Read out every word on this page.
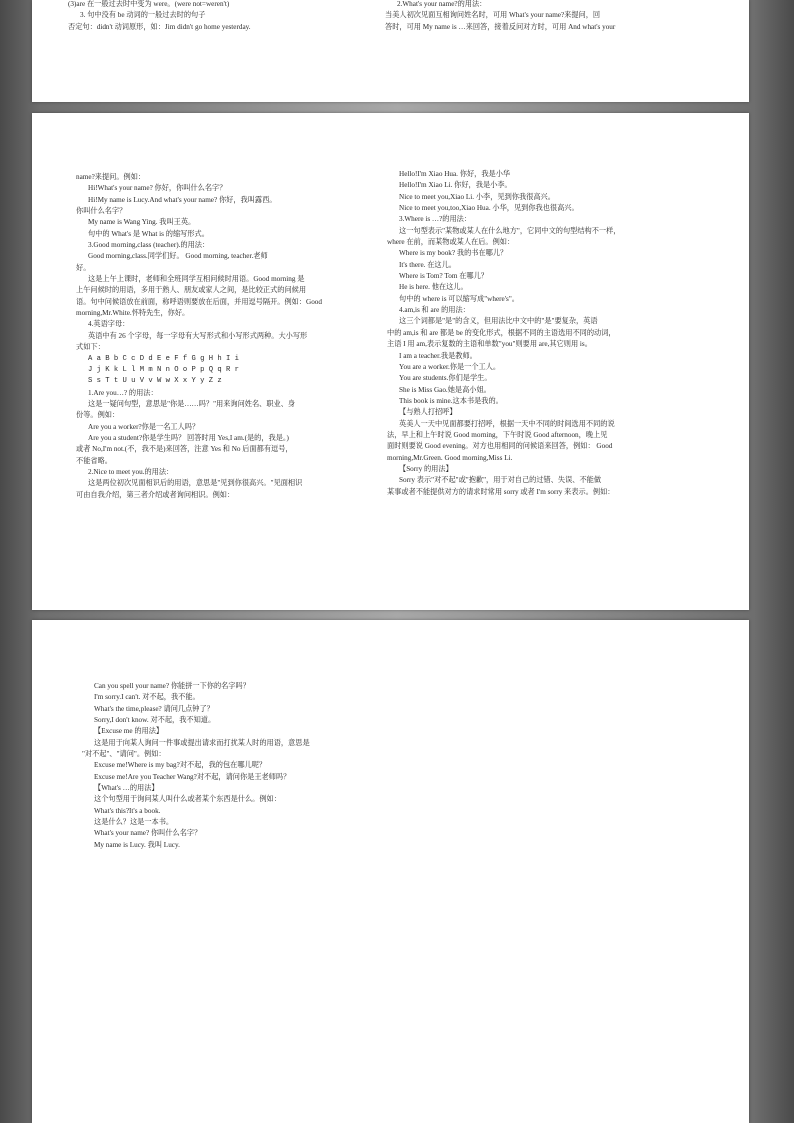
(3)are 在一般过去时中变为 were。(were not=weren't)
3. 句中没有 be 动词的一般过去时的句子
否定句：didn't 动词原形，如：Jim didn't go home yesterday.
2.What's your name?的用法：
当美人初次见面互相询问姓名时，可用 What's your name?来提问，回
答时，可用 My name is …来回答，接着反问对方时，可用 And what's your
name?来提问。例如：
Hi!What's your name? 你好，你叫什么名字？
Hi!My name is Lucy.And what's your name? 你好，我叫露西。
你叫什么名字？
My name is Wang Ying. 我叫王英。
句中的 What's 是 What is 的缩写形式。
3.Good morning,class (teacher).的用法：
Good morning,class.同学们好。 Good morning, teacher.老师
好。
这是上午上课时，老师和全班同学互相问候时用语。Good morning 是
上午问候时的用语，多用于熟人、朋友或家人之间，是比较正式的问候用
语。句中问候语放在前面，称呼语则要放在后面，并用逗号隔开。例如：Good
morning,Mr.White.怀特先生，你好。
4.英语字母：
英语中有 26 个字母，每一字母有大写形式和小写形式两种。大小写形
式如下：
A a B b C c D d E e F f G g H h I i
J j K k L l M m N n O o P p Q q R r
S s T t U u V v W w X x Y y Z z
1.Are you…? 的用法：
这是一疑问句型，意思是"你是……吗？"用来询问姓名、职业、身
份等。例如：
Are you a worker?你是一名工人吗？
Are you a student?你是学生吗？ 回答时用 Yes,I am.(是的，我是。)
或者 No,I'm not.(不，我不是)来回答，注意 Yes 和 No 后面都有逗号，
不能省略。
2.Nice to meet you.的用法：
这是两位初次见面相识后的用语，意思是"见到你很高兴。"见面相识
可由自我介绍，第三者介绍或者询问相识。例如：
Hello!I'm Xiao Hua. 你好，我是小华
Hello!I'm Xiao Li. 你好，我是小李。
Nice to meet you,Xiao Li. 小李，见到你我很高兴。
Nice to meet you,too,Xiao Hua. 小华，见到你我也很高兴。
3.Where is …?的用法：
这一句型表示"某物或某人在什么地方"，它同中文的句型结构不一样，
where 在前，而某物或某人在后。例如：
Where is my book? 我的书在哪儿？
It's there. 在这儿。
Where is Tom? Tom 在哪儿？
He is here. 他在这儿。
句中的 where is 可以缩写成"where's"。
4.am,is 和 are 的用法：
这三个词都是"是"的含义，但用法比中文中的"是"要复杂，英语
中的 am,is 和 are 都是 be 的变化形式，根据不同的主语选用不同的动词，
主语 I 用 am,表示复数的主语和单数"you"则要用 are,其它则用 is。
I am a teacher.我是教师。
You are a worker.你是一个工人。
You are students.你们是学生。
She is Miss Gao.她是高小姐。
This book is mine.这本书是我的。
【与熟人打招呼】
英美人一天中见面都要打招呼，根据一天中不同的时间选用不同的说
法，早上和上午时说 Good morning，下午时说 Good afternoon，晚上见
面时则要说 Good evening。对方也用相同的问候语来回答，例如： Good
morning,Mr.Green. Good morning,Miss Li.
【Sorry 的用法】
Sorry 表示"对不起"或"抱歉"，用于对自己的过错、失误、不能做
某事或者不能提供对方的请求时常用 sorry 或者 I'm sorry 来表示。例如：
Can you spell your name? 你能拼一下你的名字吗？
I'm sorry.I can't. 对不起，我不能。
What's the time,please? 请问几点钟了？
Sorry,I don't know. 对不起，我不知道。
【Excuse me 的用法】
这是用于向某人询问一件事或提出请求而打扰某人时的用语，意思是
"对不起"、"请问"。例如：
Excuse me!Where is my bag?对不起，我的包在哪儿呢？
Excuse me!Are you Teacher Wang?对不起，请问你是王老师吗？
【What's …的用法】
这个句型用于询问某人叫什么或者某个东西是什么。例如：
What's this?It's a book.
这是什么？这是一本书。
What's your name? 你叫什么名字？
My name is Lucy. 我叫 Lucy.
